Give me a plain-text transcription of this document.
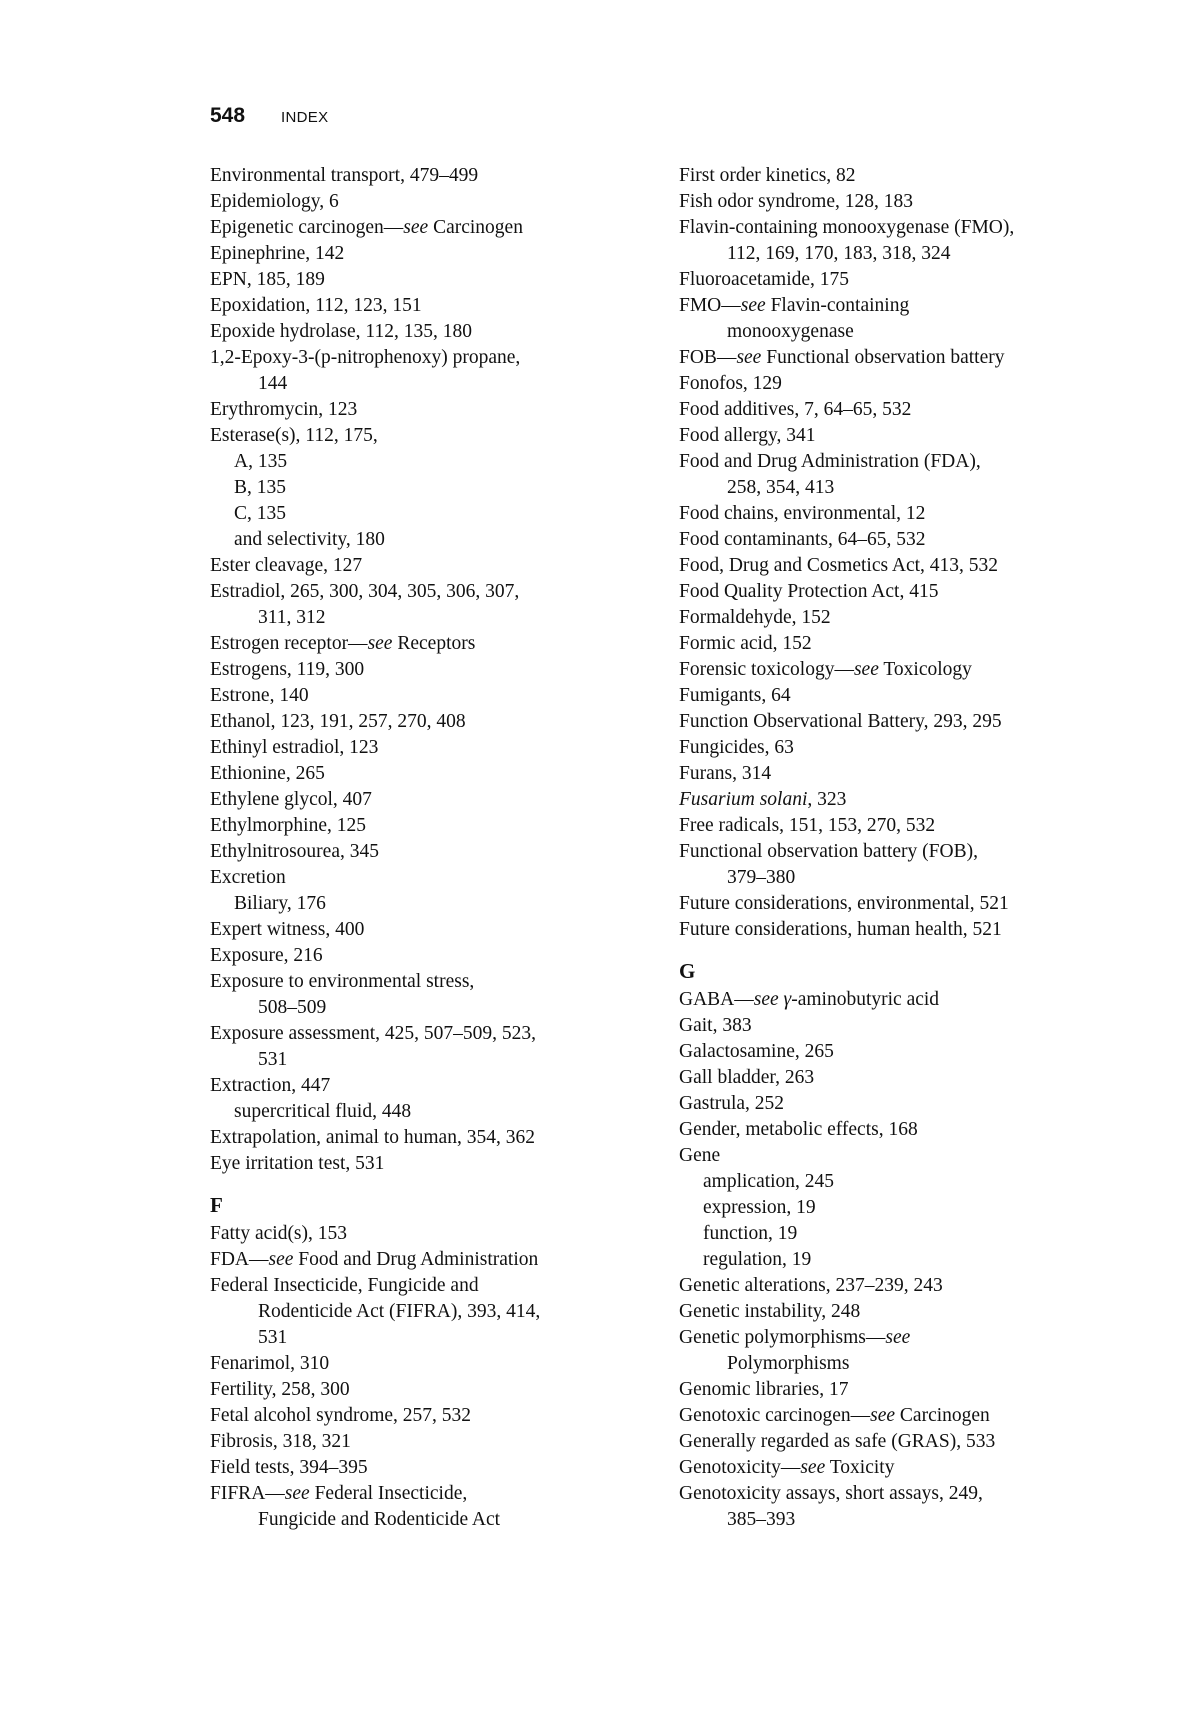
548 INDEX
Environmental transport, 479–499
Epidemiology, 6
Epigenetic carcinogen—see Carcinogen
Epinephrine, 142
EPN, 185, 189
Epoxidation, 112, 123, 151
Epoxide hydrolase, 112, 135, 180
1,2-Epoxy-3-(p-nitrophenoxy) propane,
144
Erythromycin, 123
Esterase(s), 112, 175,
A, 135
B, 135
C, 135
and selectivity, 180
Ester cleavage, 127
Estradiol, 265, 300, 304, 305, 306, 307,
311, 312
Estrogen receptor—see Receptors
Estrogens, 119, 300
Estrone, 140
Ethanol, 123, 191, 257, 270, 408
Ethinyl estradiol, 123
Ethionine, 265
Ethylene glycol, 407
Ethylmorphine, 125
Ethylnitrosourea, 345
Excretion
Biliary, 176
Expert witness, 400
Exposure, 216
Exposure to environmental stress,
508–509
Exposure assessment, 425, 507–509, 523,
531
Extraction, 447
supercritical fluid, 448
Extrapolation, animal to human, 354, 362
Eye irritation test, 531
F
Fatty acid(s), 153
FDA—see Food and Drug Administration
Federal Insecticide, Fungicide and
Rodenticide Act (FIFRA), 393, 414,
531
Fenarimol, 310
Fertility, 258, 300
Fetal alcohol syndrome, 257, 532
Fibrosis, 318, 321
Field tests, 394–395
FIFRA—see Federal Insecticide,
Fungicide and Rodenticide Act
First order kinetics, 82
Fish odor syndrome, 128, 183
Flavin-containing monooxygenase (FMO),
112, 169, 170, 183, 318, 324
Fluoroacetamide, 175
FMO—see Flavin-containing
monooxygenase
FOB—see Functional observation battery
Fonofos, 129
Food additives, 7, 64–65, 532
Food allergy, 341
Food and Drug Administration (FDA),
258, 354, 413
Food chains, environmental, 12
Food contaminants, 64–65, 532
Food, Drug and Cosmetics Act, 413, 532
Food Quality Protection Act, 415
Formaldehyde, 152
Formic acid, 152
Forensic toxicology—see Toxicology
Fumigants, 64
Function Observational Battery, 293, 295
Fungicides, 63
Furans, 314
Fusarium solani, 323
Free radicals, 151, 153, 270, 532
Functional observation battery (FOB),
379–380
Future considerations, environmental, 521
Future considerations, human health, 521
G
GABA—see γ-aminobutyric acid
Gait, 383
Galactosamine, 265
Gall bladder, 263
Gastrula, 252
Gender, metabolic effects, 168
Gene
amplication, 245
expression, 19
function, 19
regulation, 19
Genetic alterations, 237–239, 243
Genetic instability, 248
Genetic polymorphisms—see
Polymorphisms
Genomic libraries, 17
Genotoxic carcinogen—see Carcinogen
Generally regarded as safe (GRAS), 533
Genotoxicity—see Toxicity
Genotoxicity assays, short assays, 249,
385–393
